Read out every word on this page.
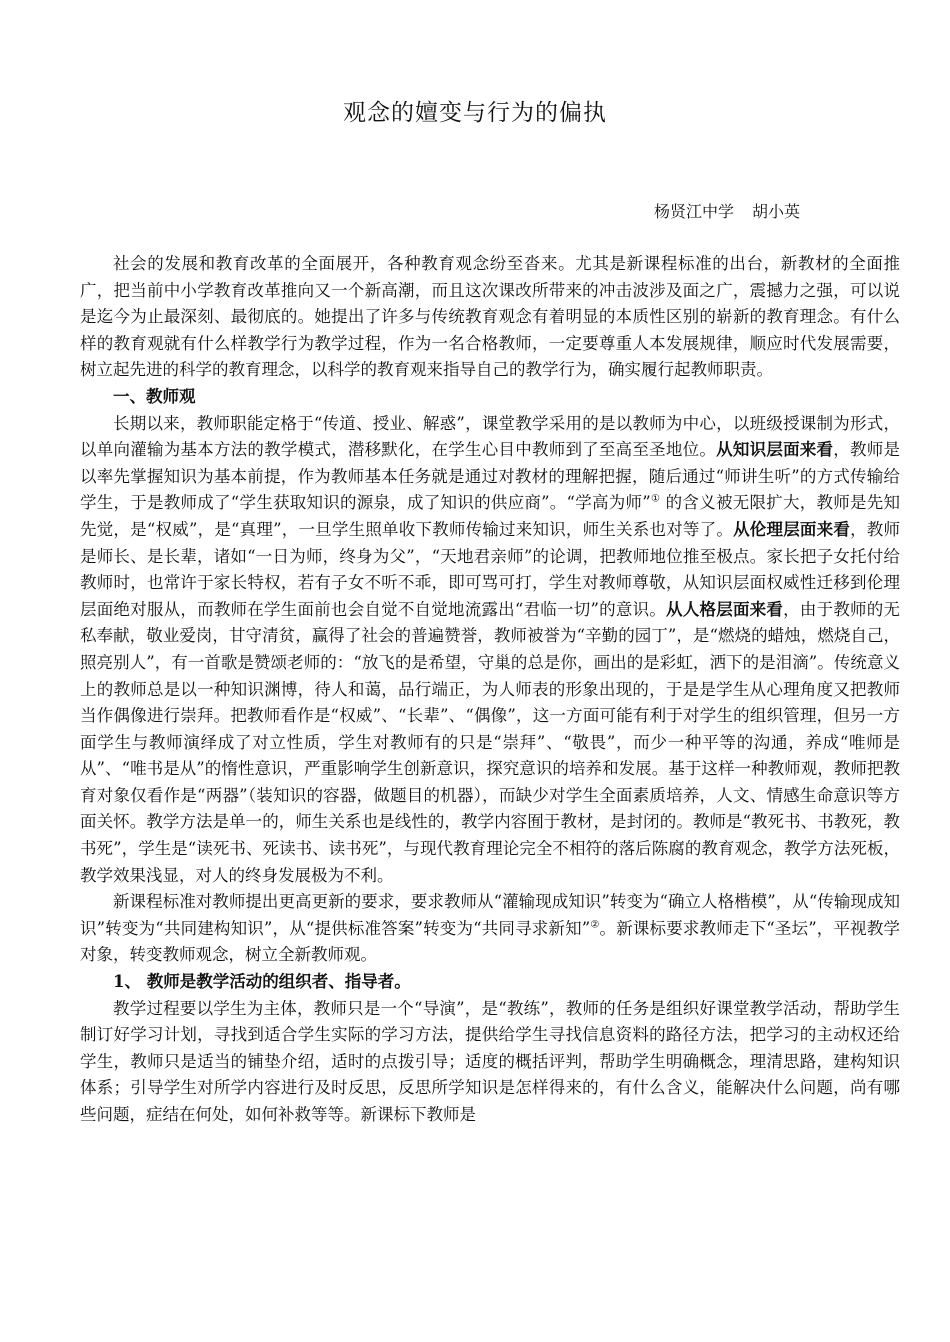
观念的嬗变与行为的偏执
杨贤江中学 胡小英

社会的发展和教育改革的全面展开，各种教育观念纷至沓来。尤其是新课程标准的出台，新教材的全面推广，把当前中小学教育改革推向又一个新高潮，而且这次课改所带来的冲击波涉及面之广，震撼力之强，可以说是迄今为止最深刻、最彻底的。她提出了许多与传统教育观念有着明显的本质性区别的崭新的教育理念。有什么样的教育观就有什么样教学行为教学过程，作为一名合格教师，一定要尊重人本发展规律，顺应时代发展需要，树立起先进的科学的教育理念，以科学的教育观来指导自己的教学行为，确实履行起教师职责。

一、教师观

长期以来，教师职能定格于“传道、授业、解惑”，课堂教学采用的是以教师为中心，以班级授课制为形式，以单向灌输为基本方法的教学模式，潜移默化，在学生心目中教师到了至高至圣地位。从知识层面来看，教师是以率先掌握知识为基本前提，作为教师基本任务就是通过对教材的理解把握，随后通过“师讲生听”的方式传输给学生，于是教师成了“学生获取知识的源泉，成了知识的供应商”。“学高为师”① 的含义被无限扩大，教师是先知先觉，是“权威”，是“真理”，一旦学生照单收下教师传输过来知识，师生关系也对等了。从伦理层面来看，教师是师长、是长辈，诸如“一日为师，终身为父”，“天地君亲师”的论调，把教师地位推至极点。家长把子女托付给教师时，也常许于家长特权，若有子女不听不乖，即可骂可打，学生对教师尊敬，从知识层面权威性迁移到伦理层面绝对服从，而教师在学生面前也会自觉不自觉地流露出“君临一切”的意识。从人格层面来看，由于教师的无私奉献，敬业爱岗，甘守清贫，赢得了社会的普遍赞誉，教师被誉为“辛勤的园丁”，是“燃烧的蜡烛，燃烧自己，照亮别人”，有一首歌是赞颂老师的：“放飞的是希望，守巢的总是你，画出的是彩虹，洒下的是泪滴”。传统意义上的教师总是以一种知识渊博，待人和蔼，品行端正，为人师表的形象出现的，于是是学生从心理角度又把教师当作偶像进行崇拜。把教师看作是“权威”、“长辈”、“偶像”，这一方面可能有利于对学生的组织管理，但另一方面学生与教师演绎成了对立性质，学生对教师有的只是“崇拜”、“敬畏”，而少一种平等的沟通，养成“唯师是从”、“唯书是从”的惰性意识，严重影响学生创新意识，探究意识的培养和发展。基于这样一种教师观，教师把教育对象仅看作是“两器”（装知识的容器，做题目的机器），而缺少对学生全面素质培养，人文、情感生命意识等方面关怀。教学方法是单一的，师生关系也是线性的，教学内容囿于教材，是封闭的。教师是“教死书、书教死，教书死”，学生是“读死书、死读书、读书死”，与现代教育理论完全不相符的落后陈腐的教育观念，教学方法死板，教学效果浅显，对人的终身发展极为不利。

新课程标准对教师提出更高更新的要求，要求教师从“灌输现成知识”转变为“确立人格楷模”，从“传输现成知识”转变为“共同建构知识”，从“提供标准答案”转变为“共同寻求新知”②。新课标要求教师走下“圣坛”，平视教学对象，转变教师观念，树立全新教师观。

1、 教师是教学活动的组织者、指导者。

教学过程要以学生为主体，教师只是一个“导演”，是“教练”，教师的任务是组织好课堂教学活动，帮助学生制订好学习计划，寻找到适合学生实际的学习方法，提供给学生寻找信息资料的路径方法，把学习的主动权还给学生，教师只是适当的铺垫介绍，适时的点拨引导；适度的概括评判，帮助学生明确概念，理清思路，建构知识体系；引导学生对所学内容进行及时反思，反思所学知识是怎样得来的，有什么含义，能解决什么问题，尚有哪些问题，症结在何处，如何补救等等。新课标下教师是
